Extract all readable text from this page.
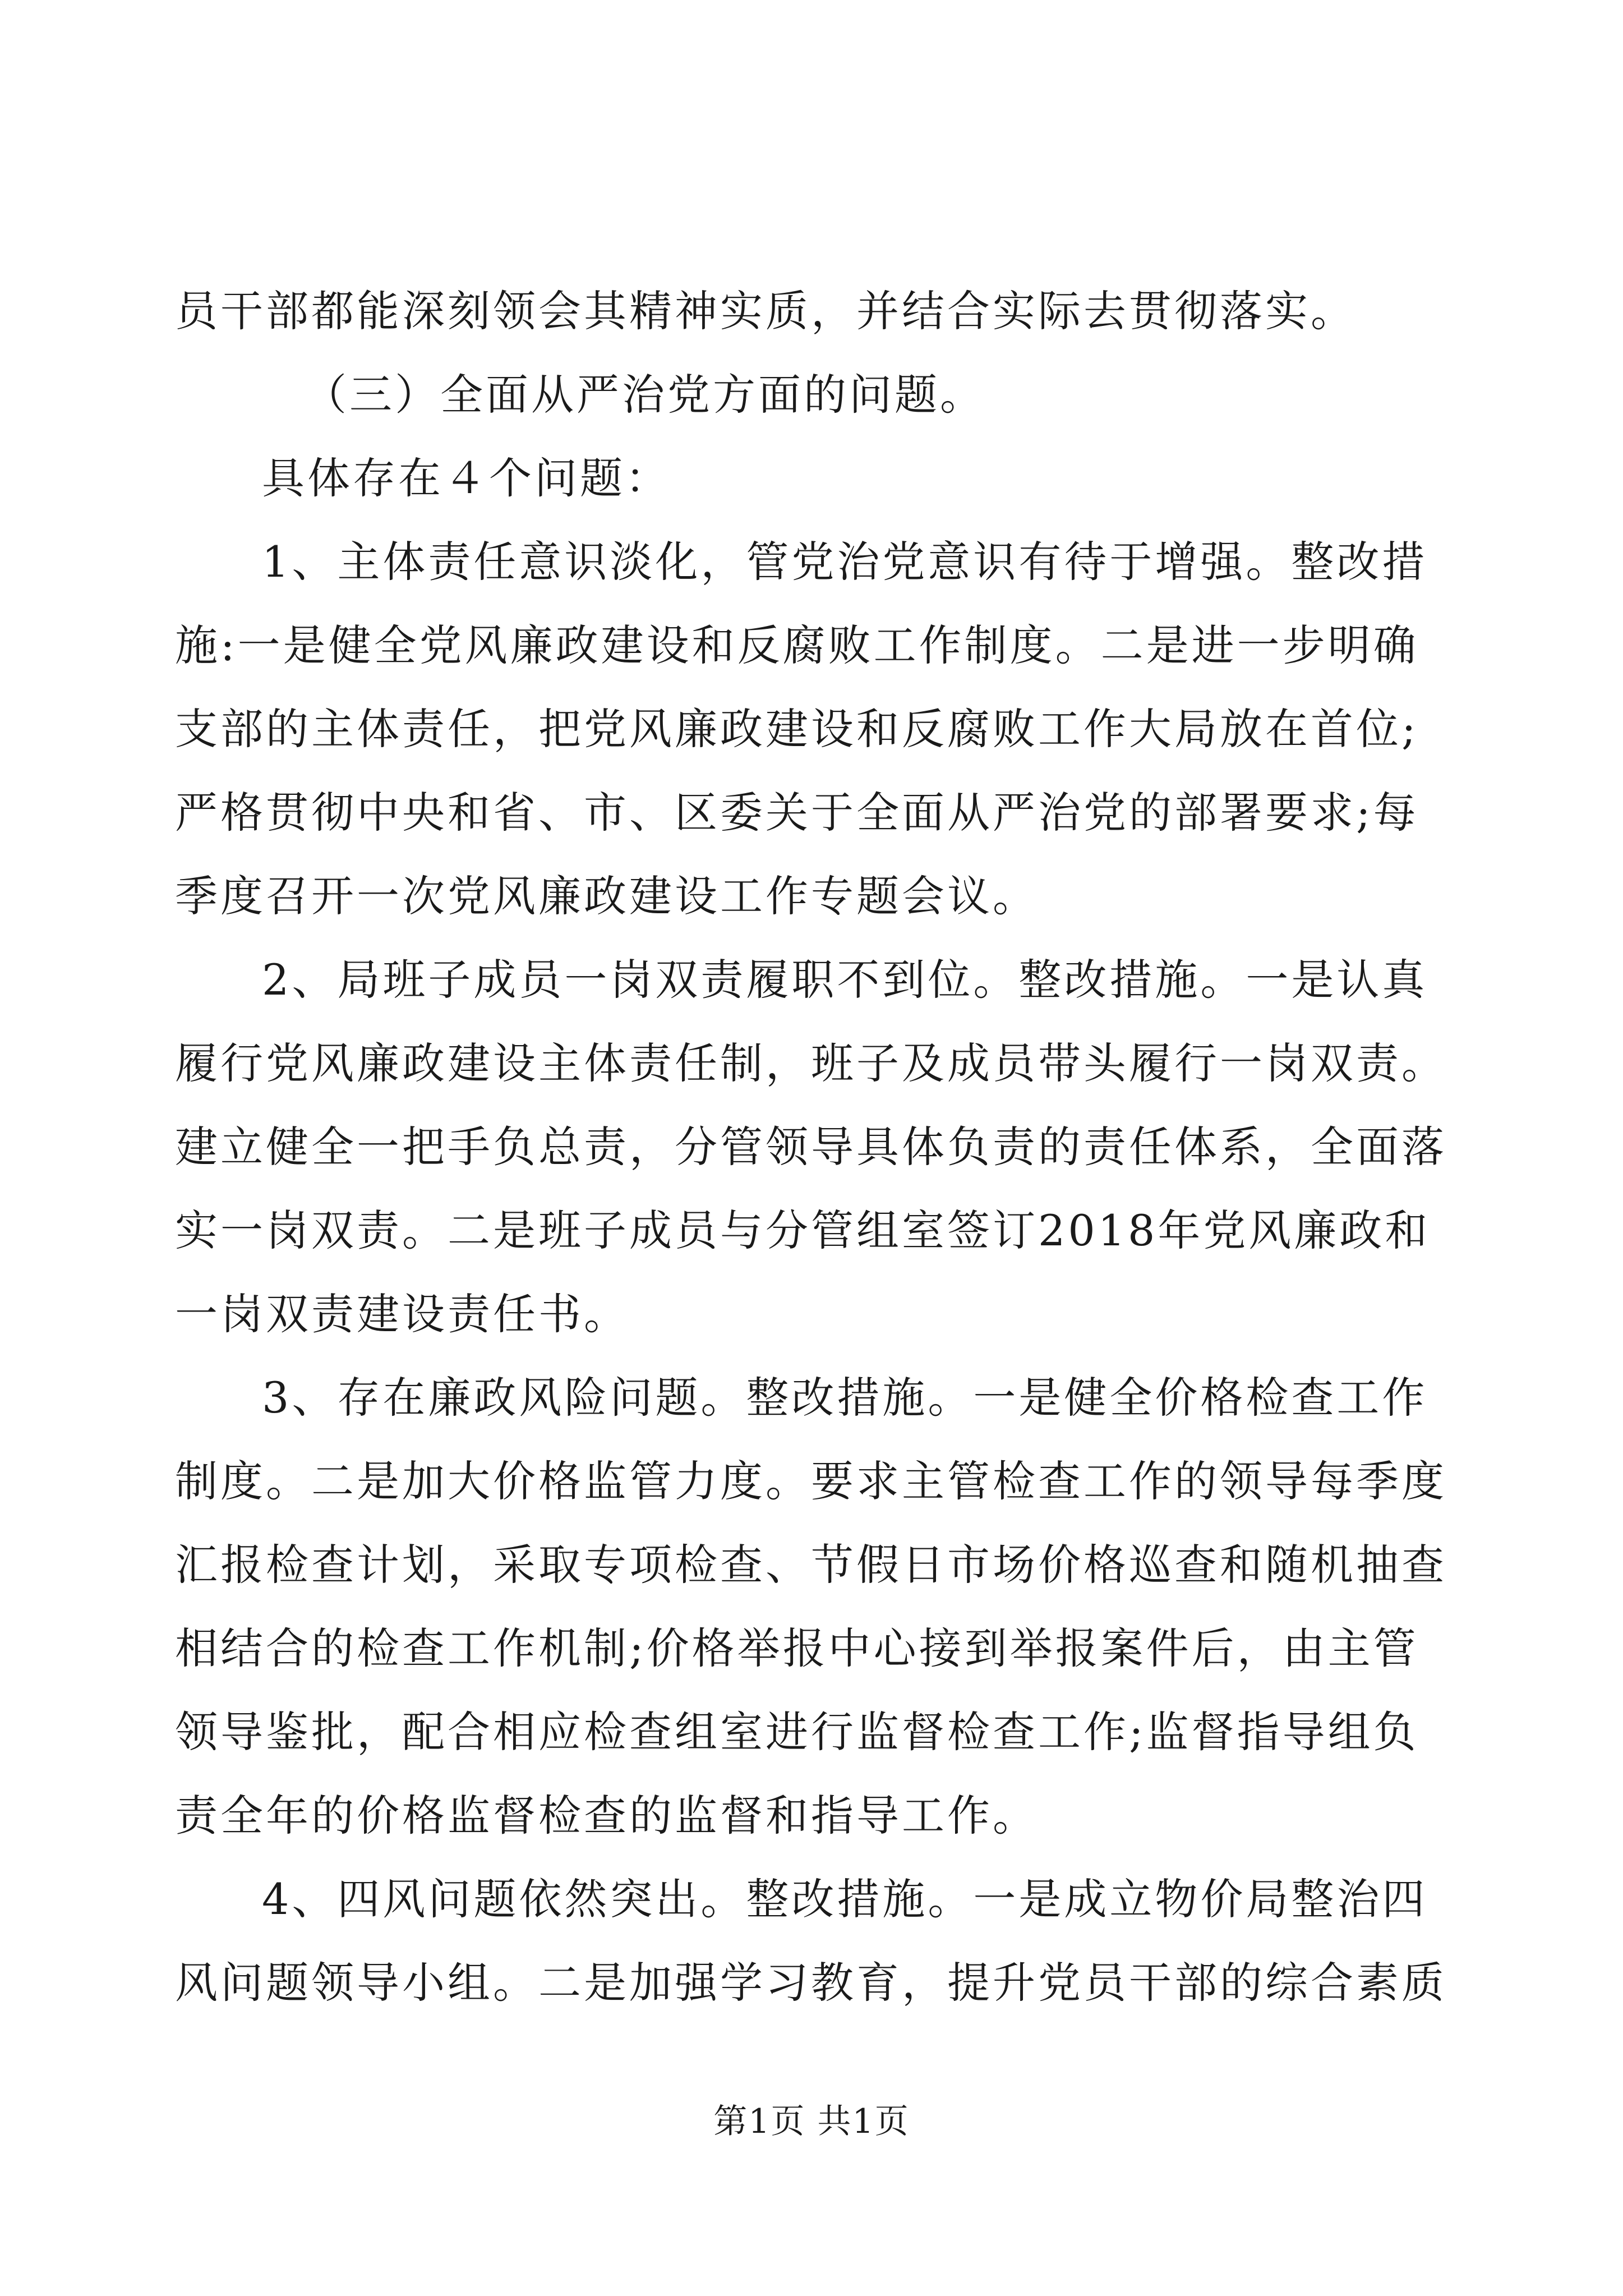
员干部都能深刻领会其精神实质，并结合实际去贯彻落实。
（三）全面从严治党方面的问题。
具体存在４个问题：
1、主体责任意识淡化，管党治党意识有待于增强。整改措
施:一是健全党风廉政建设和反腐败工作制度。二是进一步明确
支部的主体责任，把党风廉政建设和反腐败工作大局放在首位;
严格贯彻中央和省、市、区委关于全面从严治党的部署要求;每
季度召开一次党风廉政建设工作专题会议。
2、局班子成员一岗双责履职不到位。整改措施。一是认真
履行党风廉政建设主体责任制，班子及成员带头履行一岗双责。
建立健全一把手负总责，分管领导具体负责的责任体系，全面落
实一岗双责。二是班子成员与分管组室签订2018年党风廉政和
一岗双责建设责任书。
3、存在廉政风险问题。整改措施。一是健全价格检查工作
制度。二是加大价格监管力度。要求主管检查工作的领导每季度
汇报检查计划，采取专项检查、节假日市场价格巡查和随机抽查
相结合的检查工作机制;价格举报中心接到举报案件后，由主管
领导鉴批，配合相应检查组室进行监督检查工作;监督指导组负
责全年的价格监督检查的监督和指导工作。
4、四风问题依然突出。整改措施。一是成立物价局整治四
风问题领导小组。二是加强学习教育，提升党员干部的综合素质
第1页 共1页
